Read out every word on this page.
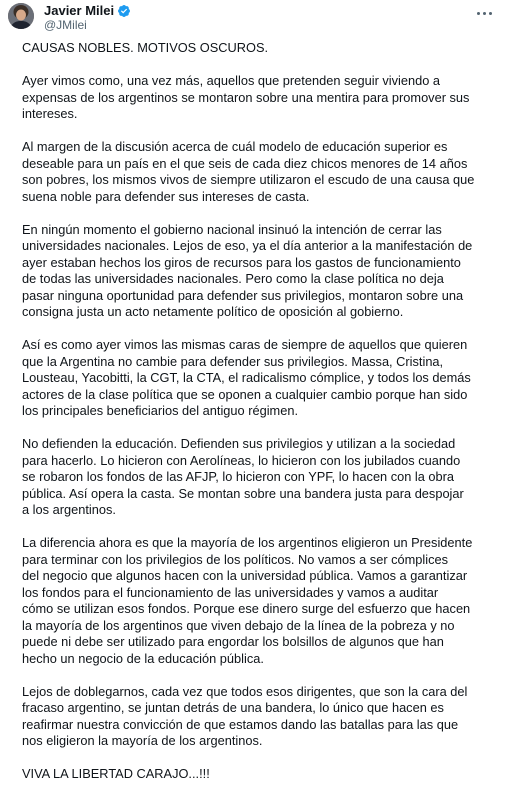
Javier Milei
@JMilei

CAUSAS NOBLES. MOTIVOS OSCUROS.

Ayer vimos como, una vez más, aquellos que pretenden seguir viviendo a
expensas de los argentinos se montaron sobre una mentira para promover sus
intereses.

Al margen de la discusión acerca de cuál modelo de educación superior es
deseable para un país en el que seis de cada diez chicos menores de 14 años
son pobres, los mismos vivos de siempre utilizaron el escudo de una causa que
suena noble para defender sus intereses de casta.

En ningún momento el gobierno nacional insinuó la intención de cerrar las
universidades nacionales. Lejos de eso, ya el día anterior a la manifestación de
ayer estaban hechos los giros de recursos para los gastos de funcionamiento
de todas las universidades nacionales. Pero como la clase política no deja
pasar ninguna oportunidad para defender sus privilegios, montaron sobre una
consigna justa un acto netamente político de oposición al gobierno.

Así es como ayer vimos las mismas caras de siempre de aquellos que quieren
que la Argentina no cambie para defender sus privilegios. Massa, Cristina,
Lousteau, Yacobitti, la CGT, la CTA, el radicalismo cómplice, y todos los demás
actores de la clase política que se oponen a cualquier cambio porque han sido
los principales beneficiarios del antiguo régimen.

No defienden la educación. Defienden sus privilegios y utilizan a la sociedad
para hacerlo. Lo hicieron con Aerolíneas, lo hicieron con los jubilados cuando
se robaron los fondos de las AFJP, lo hicieron con YPF, lo hacen con la obra
pública. Así opera la casta. Se montan sobre una bandera justa para despojar
a los argentinos.

La diferencia ahora es que la mayoría de los argentinos eligieron un Presidente
para terminar con los privilegios de los políticos. No vamos a ser cómplices
del negocio que algunos hacen con la universidad pública. Vamos a garantizar
los fondos para el funcionamiento de las universidades y vamos a auditar
cómo se utilizan esos fondos. Porque ese dinero surge del esfuerzo que hacen
la mayoría de los argentinos que viven debajo de la línea de la pobreza y no
puede ni debe ser utilizado para engordar los bolsillos de algunos que han
hecho un negocio de la educación pública.

Lejos de doblegarnos, cada vez que todos esos dirigentes, que son la cara del
fracaso argentino, se juntan detrás de una bandera, lo único que hacen es
reafirmar nuestra convicción de que estamos dando las batallas para las que
nos eligieron la mayoría de los argentinos.

VIVA LA LIBERTAD CARAJO...!!!
